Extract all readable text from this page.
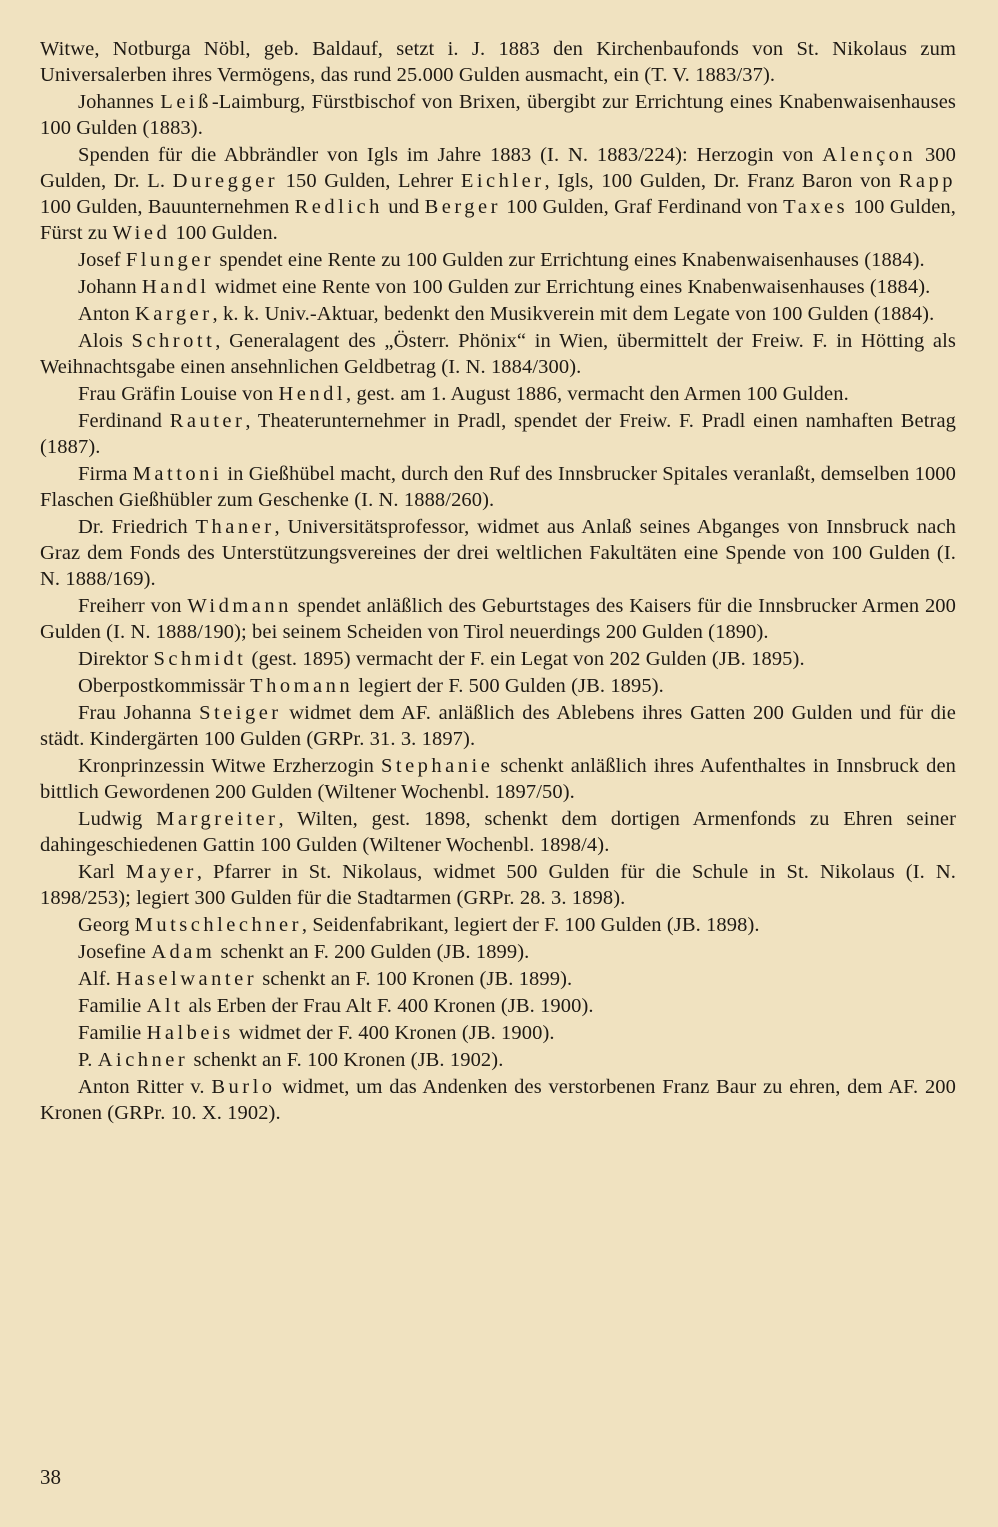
Witwe, Notburga Nöbl, geb. Baldauf, setzt i. J. 1883 den Kirchenbaufonds von St. Nikolaus zum Universalerben ihres Vermögens, das rund 25.000 Gulden ausmacht, ein (T. V. 1883/37).

Johannes Leiß-Laimburg, Fürstbischof von Brixen, übergibt zur Errichtung eines Knabenwaisenhauses 100 Gulden (1883).

Spenden für die Abbrändler von Igls im Jahre 1883 (I. N. 1883/224): Herzogin von Alençon 300 Gulden, Dr. L. Duregger 150 Gulden, Lehrer Eichler, Igls, 100 Gulden, Dr. Franz Baron von Rapp 100 Gulden, Bauunternehmen Redlich und Berger 100 Gulden, Graf Ferdinand von Taxes 100 Gulden, Fürst zu Wied 100 Gulden.

Josef Flunger spendet eine Rente zu 100 Gulden zur Errichtung eines Knabenwaisenhauses (1884).

Johann Handl widmet eine Rente von 100 Gulden zur Errichtung eines Knabenwaisenhauses (1884).

Anton Karger, k. k. Univ.-Aktuar, bedenkt den Musikverein mit dem Legate von 100 Gulden (1884).

Alois Schrott, Generalagent des „Österr. Phönix“ in Wien, übermittelt der Freiw. F. in Hötting als Weihnachtsgabe einen ansehnlichen Geldbetrag (I. N. 1884/300).

Frau Gräfin Louise von Hendl, gest. am 1. August 1886, vermacht den Armen 100 Gulden.

Ferdinand Rauter, Theaterunternehmer in Pradl, spendet der Freiw. F. Pradl einen namhaften Betrag (1887).

Firma Mattoni in Gießhübel macht, durch den Ruf des Innsbrucker Spitales veranlaßt, demselben 1000 Flaschen Gießhübler zum Geschenke (I. N. 1888/260).

Dr. Friedrich Thaner, Universitätsprofessor, widmet aus Anlaß seines Abganges von Innsbruck nach Graz dem Fonds des Unterstützungsvereines der drei weltlichen Fakultäten eine Spende von 100 Gulden (I. N. 1888/169).

Freiherr von Widmann spendet anläßlich des Geburtstages des Kaisers für die Innsbrucker Armen 200 Gulden (I. N. 1888/190); bei seinem Scheiden von Tirol neuerdings 200 Gulden (1890).

Direktor Schmidt (gest. 1895) vermacht der F. ein Legat von 202 Gulden (JB. 1895).

Oberpostkommissär Thomann legiert der F. 500 Gulden (JB. 1895).

Frau Johanna Steiger widmet dem AF. anläßlich des Ablebens ihres Gatten 200 Gulden und für die städt. Kindergärten 100 Gulden (GRPr. 31. 3. 1897).

Kronprinzessin Witwe Erzherzogin Stephanie schenkt anläßlich ihres Aufenthaltes in Innsbruck den bittlich Gewordenen 200 Gulden (Wiltener Wochenbl. 1897/50).

Ludwig Margreiter, Wilten, gest. 1898, schenkt dem dortigen Armenfonds zu Ehren seiner dahingeschiedenen Gattin 100 Gulden (Wiltener Wochenbl. 1898/4).

Karl Mayer, Pfarrer in St. Nikolaus, widmet 500 Gulden für die Schule in St. Nikolaus (I. N. 1898/253); legiert 300 Gulden für die Stadtarmen (GRPr. 28. 3. 1898).

Georg Mutschlechner, Seidenfabrikant, legiert der F. 100 Gulden (JB. 1898).

Josefine Adam schenkt an F. 200 Gulden (JB. 1899).

Alf. Haselwanter schenkt an F. 100 Kronen (JB. 1899).

Familie Alt als Erben der Frau Alt F. 400 Kronen (JB. 1900).

Familie Halbeis widmet der F. 400 Kronen (JB. 1900).

P. Aichner schenkt an F. 100 Kronen (JB. 1902).

Anton Ritter v. Burlo widmet, um das Andenken des verstorbenen Franz Baur zu ehren, dem AF. 200 Kronen (GRPr. 10. X. 1902).

38
